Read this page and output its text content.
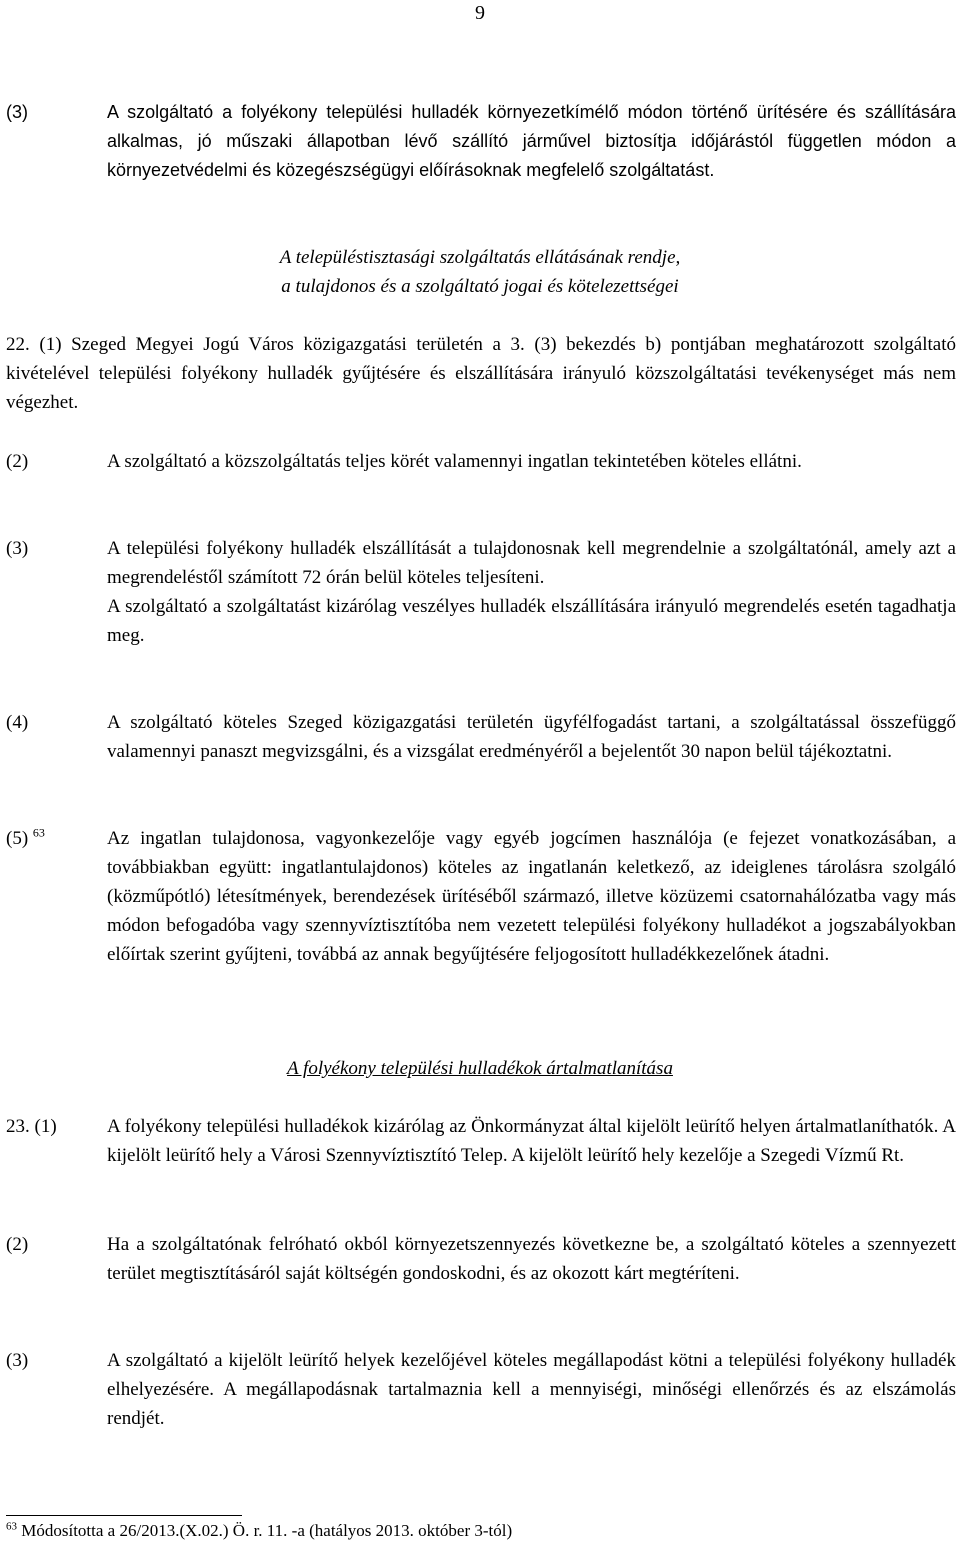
9
(3)	A szolgáltató a folyékony települési hulladék környezetkímélő módon történő ürítésére és szállítására alkalmas, jó műszaki állapotban lévő szállító járművel biztosítja időjárástól független módon a környezetvédelmi és közegészségügyi előírásoknak megfelelő szolgáltatást.
A településtisztasági szolgáltatás ellátásának rendje,
a tulajdonos és a szolgáltató jogai és kötelezettségei
22. (1) Szeged Megyei Jogú Város közigazgatási területén a 3. (3) bekezdés b) pontjában meghatározott szolgáltató kivételével települési folyékony hulladék gyűjtésére és elszállítására irányuló közszolgáltatási tevékenységet más nem végezhet.
(2)	A szolgáltató a közszolgáltatás teljes körét valamennyi ingatlan tekintetében köteles ellátni.
(3)	A települési folyékony hulladék elszállítását a tulajdonosnak kell megrendelnie a szolgáltatónál, amely azt a megrendeléstől számított 72 órán belül köteles teljesíteni.
A szolgáltató a szolgáltatást kizárólag veszélyes hulladék elszállítására irányuló megrendelés esetén tagadhatja meg.
(4)	A szolgáltató köteles Szeged közigazgatási területén ügyfélfogadást tartani, a szolgáltatással összefüggő valamennyi panaszt megvizsgálni, és a vizsgálat eredményéről a bejelentőt 30 napon belül tájékoztatni.
(5) $^{63}$	Az ingatlan tulajdonosa, vagyonkezelője vagy egyéb jogcímen használója (e fejezet vonatkozásában, a továbbiakban együtt: ingatlantulajdonos) köteles az ingatlanán keletkező, az ideiglenes tárolásra szolgáló (közműpótló) létesítmények, berendezések ürítéséből származó, illetve közüzemi csatornahálózatba vagy más módon befogadóba vagy szennyvíztisztítóba nem vezetett települési folyékony hulladékot a jogszabályokban előírtak szerint gyűjteni, továbbá az annak begyűjtésére feljogosított hulladékkezelőnek átadni.
A folyékony települési hulladékok ártalmatlanítása
23. (1)	A folyékony települési hulladékok kizárólag az Önkormányzat által kijelölt leürítő helyen ártalmatlaníthatók. A kijelölt leürítő hely a Városi Szennyvíztisztító Telep. A kijelölt leürítő hely kezelője a Szegedi Vízmű Rt.
(2)	Ha a szolgáltatónak felróható okból környezetszennyezés következne be, a szolgáltató köteles a szennyezett terület megtisztításáról saját költségén gondoskodni, és az okozott kárt megtéríteni.
(3)	A szolgáltató a kijelölt leürítő helyek kezelőjével köteles megállapodást kötni a települési folyékony hulladék elhelyezésére. A megállapodásnak tartalmaznia kell a mennyiségi, minőségi ellenőrzés és az elszámolás rendjét.
$^{63}$ Módosította a 26/2013.(X.02.) Ö. r. 11. -a (hatályos 2013. október 3-tól)
